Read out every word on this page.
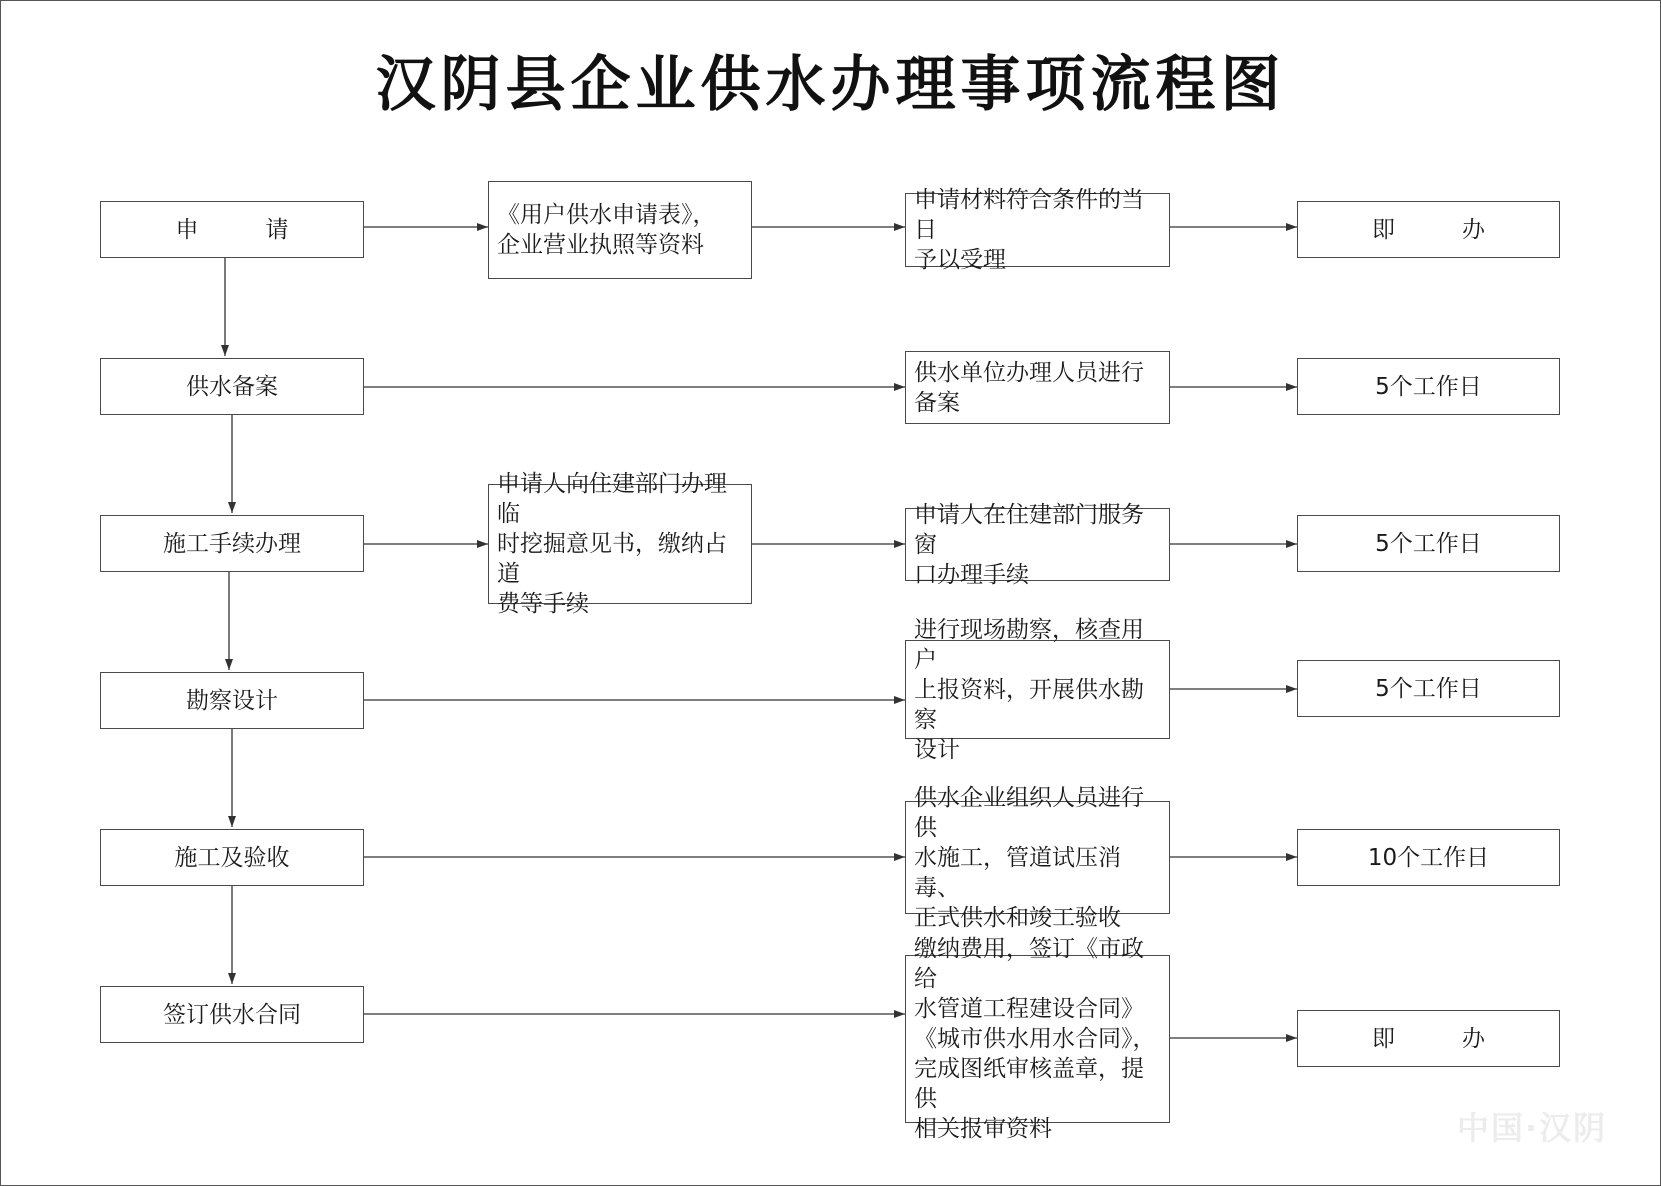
汉阴县企业供水办理事项流程图
申　请
供水备案
施工手续办理
勘察设计
施工及验收
签订供水合同
《用户供水申请表》，
企业营业执照等资料
申请人向住建部门办理临
时挖掘意见书，缴纳占道
费等手续
申请材料符合条件的当日
予以受理
供水单位办理人员进行
备案
申请人在住建部门服务窗
口办理手续
进行现场勘察，核查用户
上报资料，开展供水勘察
设计
供水企业组织人员进行供
水施工，管道试压消毒、
正式供水和竣工验收
缴纳费用，签订《市政给
水管道工程建设合同》
《城市供水用水合同》，
完成图纸审核盖章，提供
相关报审资料
即　办
5个工作日
5个工作日
5个工作日
10个工作日
即　办
中国·汉阴
